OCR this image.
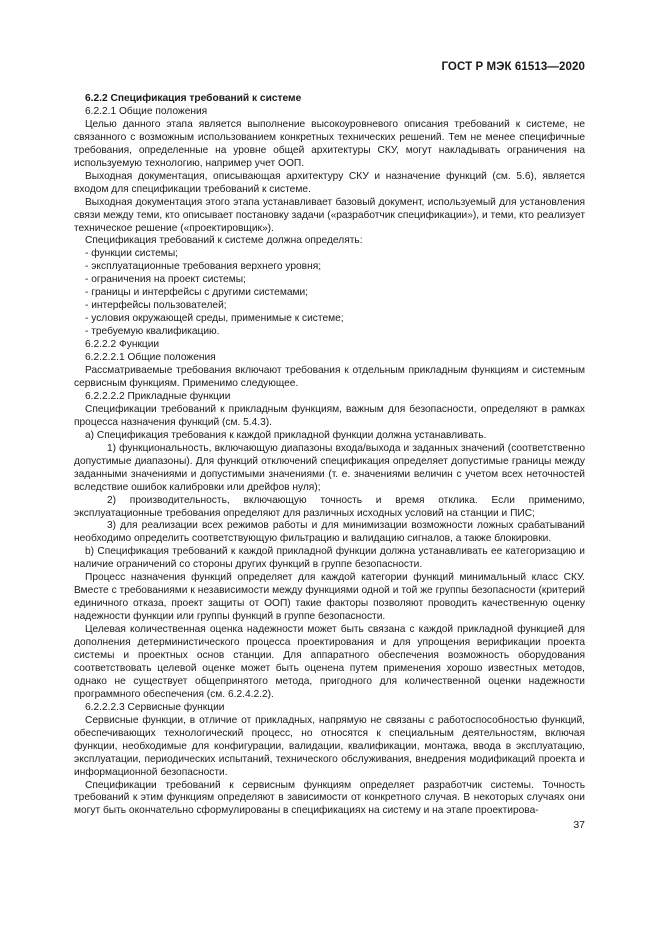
ГОСТ Р МЭК 61513—2020

6.2.2 Спецификация требований к системе

6.2.2.1 Общие положения

Целью данного этапа является выполнение высокоуровневого описания требований к системе, не связанного с возможным использованием конкретных технических решений. Тем не менее специфичные требования, определенные на уровне общей архитектуры СКУ, могут накладывать ограничения на используемую технологию, например учет ООП.

Выходная документация, описывающая архитектуру СКУ и назначение функций (см. 5.6), является входом для спецификации требований к системе.

Выходная документация этого этапа устанавливает базовый документ, используемый для установления связи между теми, кто описывает постановку задачи («разработчик спецификации»), и теми, кто реализует техническое решение («проектировщик»).

Спецификация требований к системе должна определять:

- функции системы;

- эксплуатационные требования верхнего уровня;

- ограничения на проект системы;

- границы и интерфейсы с другими системами;

- интерфейсы пользователей;

- условия окружающей среды, применимые к системе;

- требуемую квалификацию.

6.2.2.2 Функции

6.2.2.2.1 Общие положения

Рассматриваемые требования включают требования к отдельным прикладным функциям и системным сервисным функциям. Применимо следующее.

6.2.2.2.2 Прикладные функции

Спецификации требований к прикладным функциям, важным для безопасности, определяют в рамках процесса назначения функций (см. 5.4.3).

a) Спецификация требования к каждой прикладной функции должна устанавливать.

1) функциональность, включающую диапазоны входа/выхода и заданных значений (соответственно допустимые диапазоны). Для функций отключений спецификация определяет допустимые границы между заданными значениями и допустимыми значениями (т. е. значениями величин c учетом всех неточностей вследствие ошибок калибровки или дрейфов нуля);

2) производительность, включающую точность и время отклика. Если применимо, эксплуатационные требования определяют для различных исходных условий на станции и ПИС;

3) для реализации всех режимов работы и для минимизации возможности ложных срабатываний необходимо определить соответствующую фильтрацию и валидацию сигналов, а также блокировки.

b) Спецификация требований к каждой прикладной функции должна устанавливать ее категоризацию и наличие ограничений со стороны других функций в группе безопасности.

Процесс назначения функций определяет для каждой категории функций минимальный класс СКУ. Вместе с требованиями к независимости между функциями одной и той же группы безопасности (критерий единичного отказа, проект защиты от ООП) такие факторы позволяют проводить качественную оценку надежности функции или группы функций в группе безопасности.

Целевая количественная оценка надежности может быть связана с каждой прикладной функцией для дополнения детерминистического процесса проектирования и для упрощения верификации проекта системы и проектных основ станции. Для аппаратного обеспечения возможность оборудования соответствовать целевой оценке может быть оценена путем применения хорошо известных методов, однако не существует общепринятого метода, пригодного для количественной оценки надежности программного обеспечения (см. 6.2.4.2.2).

6.2.2.2.3 Сервисные функции

Сервисные функции, в отличие от прикладных, напрямую не связаны с работоспособностью функций, обеспечивающих технологический процесс, но относятся к специальным деятельностям, включая функции, необходимые для конфигурации, валидации, квалификации, монтажа, ввода в эксплуатацию, эксплуатации, периодических испытаний, технического обслуживания, внедрения модификаций проекта и информационной безопасности.

Спецификации требований к сервисным функциям определяет разработчик системы. Точность требований к этим функциям определяют в зависимости от конкретного случая. В некоторых случаях они могут быть окончательно сформулированы в спецификациях на систему и на этапе проектирова-

37
